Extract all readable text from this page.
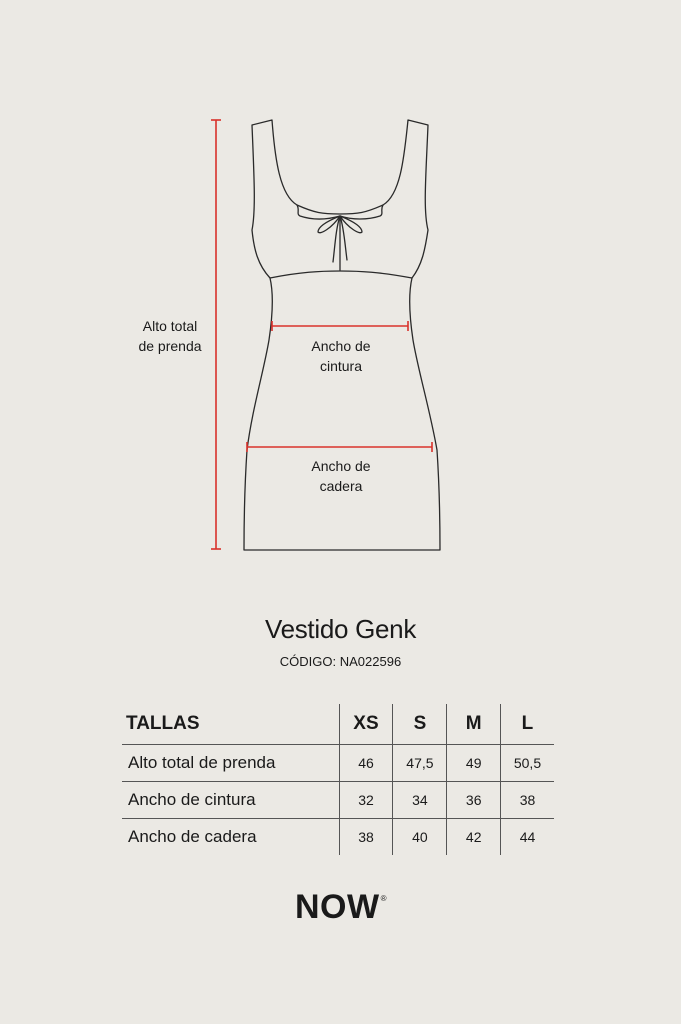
Alto total
de prenda	Ancho de
cintura
Ancho de
cadera
Vestido Genk
CÓDIGO: NA022596
TALLAS	XS	S	M	L
Alto total de prenda	46	47,5	49	50,5
Ancho de cintura	32	34	36	38
Ancho de cadera	38	40	42	44
NOW®
